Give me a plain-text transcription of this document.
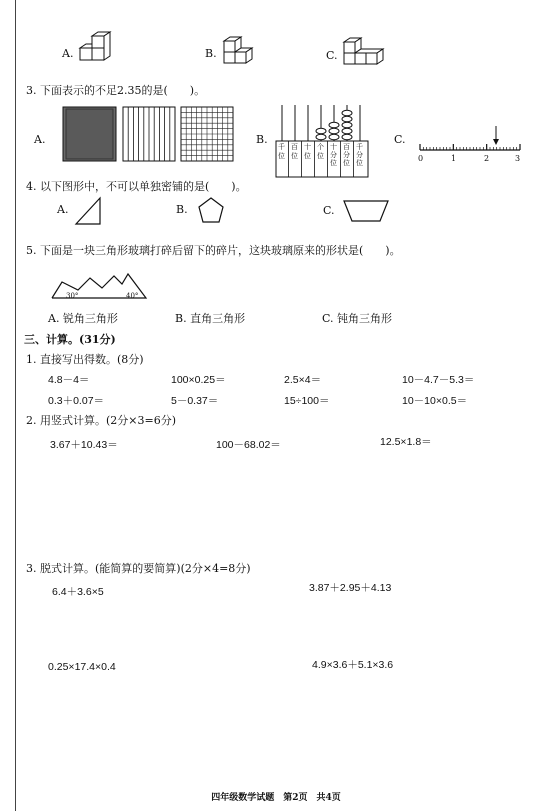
A.	B.	C.
3. 下面表示的不足2.35的是(　　)。
A.	B.
千位
百位
十位
个位
十分位
百分位
千分位
C.
0	1	2	3
4. 以下图形中，不可以单独密铺的是(　　)。
A.	B.	C.
5. 下面是一块三角形玻璃打碎后留下的碎片，这块玻璃原来的形状是(　　)。
30°	40°
A. 锐角三角形	B. 直角三角形	C. 钝角三角形
三、计算。(31分)
1. 直接写出得数。(8分)
4.8－4＝	100×0.25＝	2.5×4＝	10－4.7－5.3＝
0.3＋0.07＝	5－0.37＝	15÷100＝	10－10×0.5＝
2. 用竖式计算。(2分×3=6分)
3.67＋10.43＝	100－68.02＝	12.5×1.8＝
3. 脱式计算。(能简算的要简算)(2分×4=8分)
6.4＋3.6×5	3.87＋2.95＋4.13
0.25×17.4×0.4	4.9×3.6＋5.1×3.6
四年级数学试题　第2页　共4页
